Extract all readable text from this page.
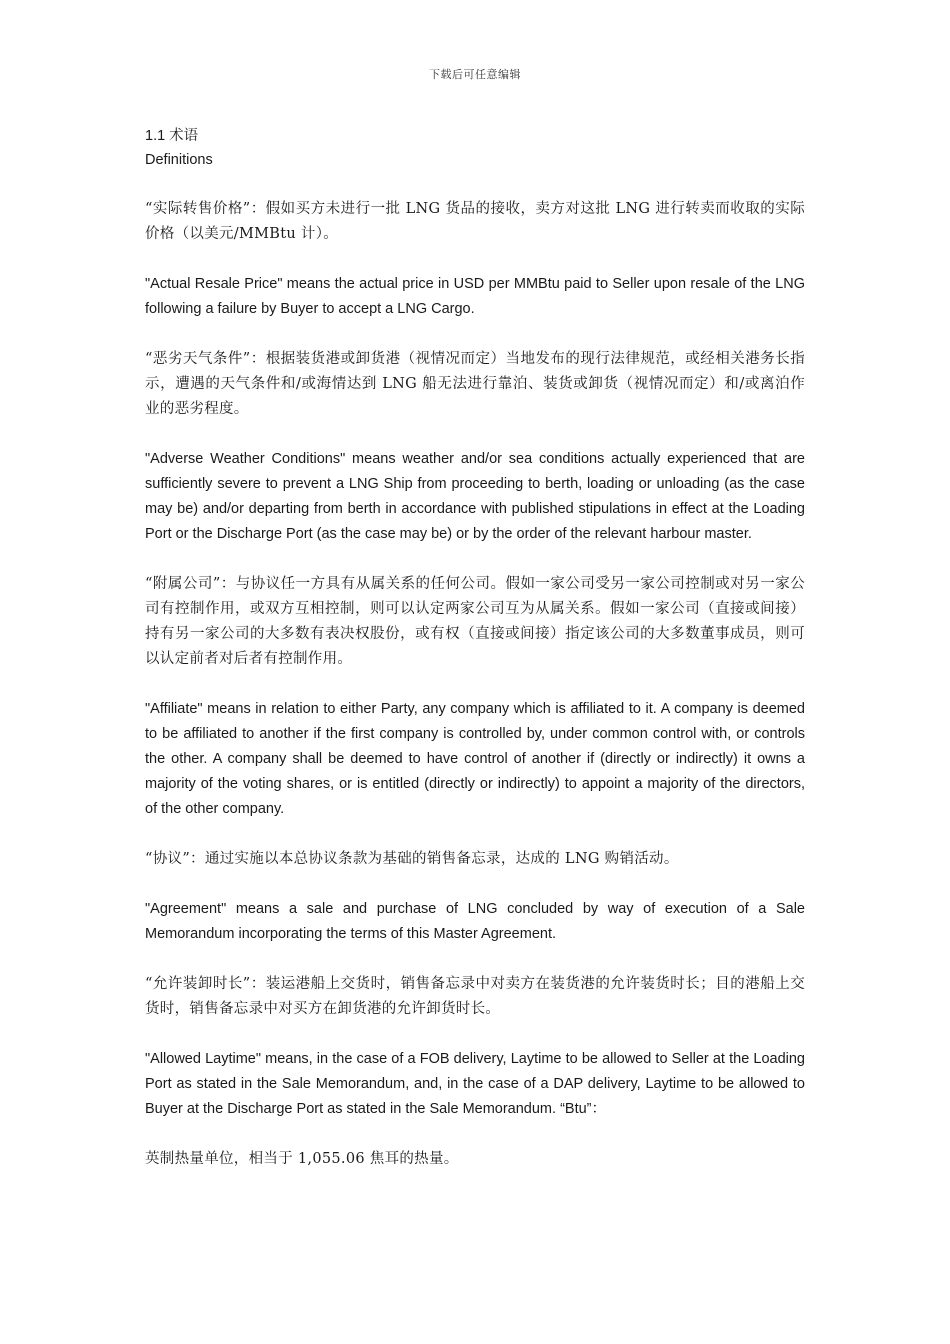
下载后可任意编辑

1.1 术语

Definitions

“实际转售价格”：假如买方未进行一批 LNG 货品的接收，卖方对这批 LNG 进行转卖而收取的实际价格（以美元/MMBtu 计）。

"Actual Resale Price" means the actual price in USD per MMBtu paid to Seller upon resale of the LNG following a failure by Buyer to accept a LNG Cargo.

“恶劣天气条件”：根据装货港或卸货港（视情况而定）当地发布的现行法律规范，或经相关港务长指示，遭遇的天气条件和/或海情达到 LNG 船无法进行靠泊、装货或卸货（视情况而定）和/或离泊作业的恶劣程度。

"Adverse Weather Conditions" means weather and/or sea conditions actually experienced that are sufficiently severe to prevent a LNG Ship from proceeding to berth, loading or unloading (as the case may be) and/or departing from berth in accordance with published stipulations in effect at the Loading Port or the Discharge Port (as the case may be) or by the order of the relevant harbour master.

“附属公司”：与协议任一方具有从属关系的任何公司。假如一家公司受另一家公司控制或对另一家公司有控制作用，或双方互相控制，则可以认定两家公司互为从属关系。假如一家公司（直接或间接）持有另一家公司的大多数有表决权股份，或有权（直接或间接）指定该公司的大多数董事成员，则可以认定前者对后者有控制作用。

"Affiliate" means in relation to either Party, any company which is affiliated to it. A company is deemed to be affiliated to another if the first company is controlled by, under common control with, or controls the other. A company shall be deemed to have control of another if (directly or indirectly) it owns a majority of the voting shares, or is entitled (directly or indirectly) to appoint a majority of the directors, of the other company.

“协议”：通过实施以本总协议条款为基础的销售备忘录，达成的 LNG 购销活动。

"Agreement" means a sale and purchase of LNG concluded by way of execution of a Sale Memorandum incorporating the terms of this Master Agreement.

“允许装卸时长”：装运港船上交货时，销售备忘录中对卖方在装货港的允许装货时长；目的港船上交货时，销售备忘录中对买方在卸货港的允许卸货时长。

"Allowed Laytime" means, in the case of a FOB delivery, Laytime to be allowed to Seller at the Loading Port as stated in the Sale Memorandum, and, in the case of a DAP delivery, Laytime to be allowed to Buyer at the Discharge Port as stated in the Sale Memorandum. “Btu”：

英制热量单位，相当于 1,055.06 焦耳的热量。
